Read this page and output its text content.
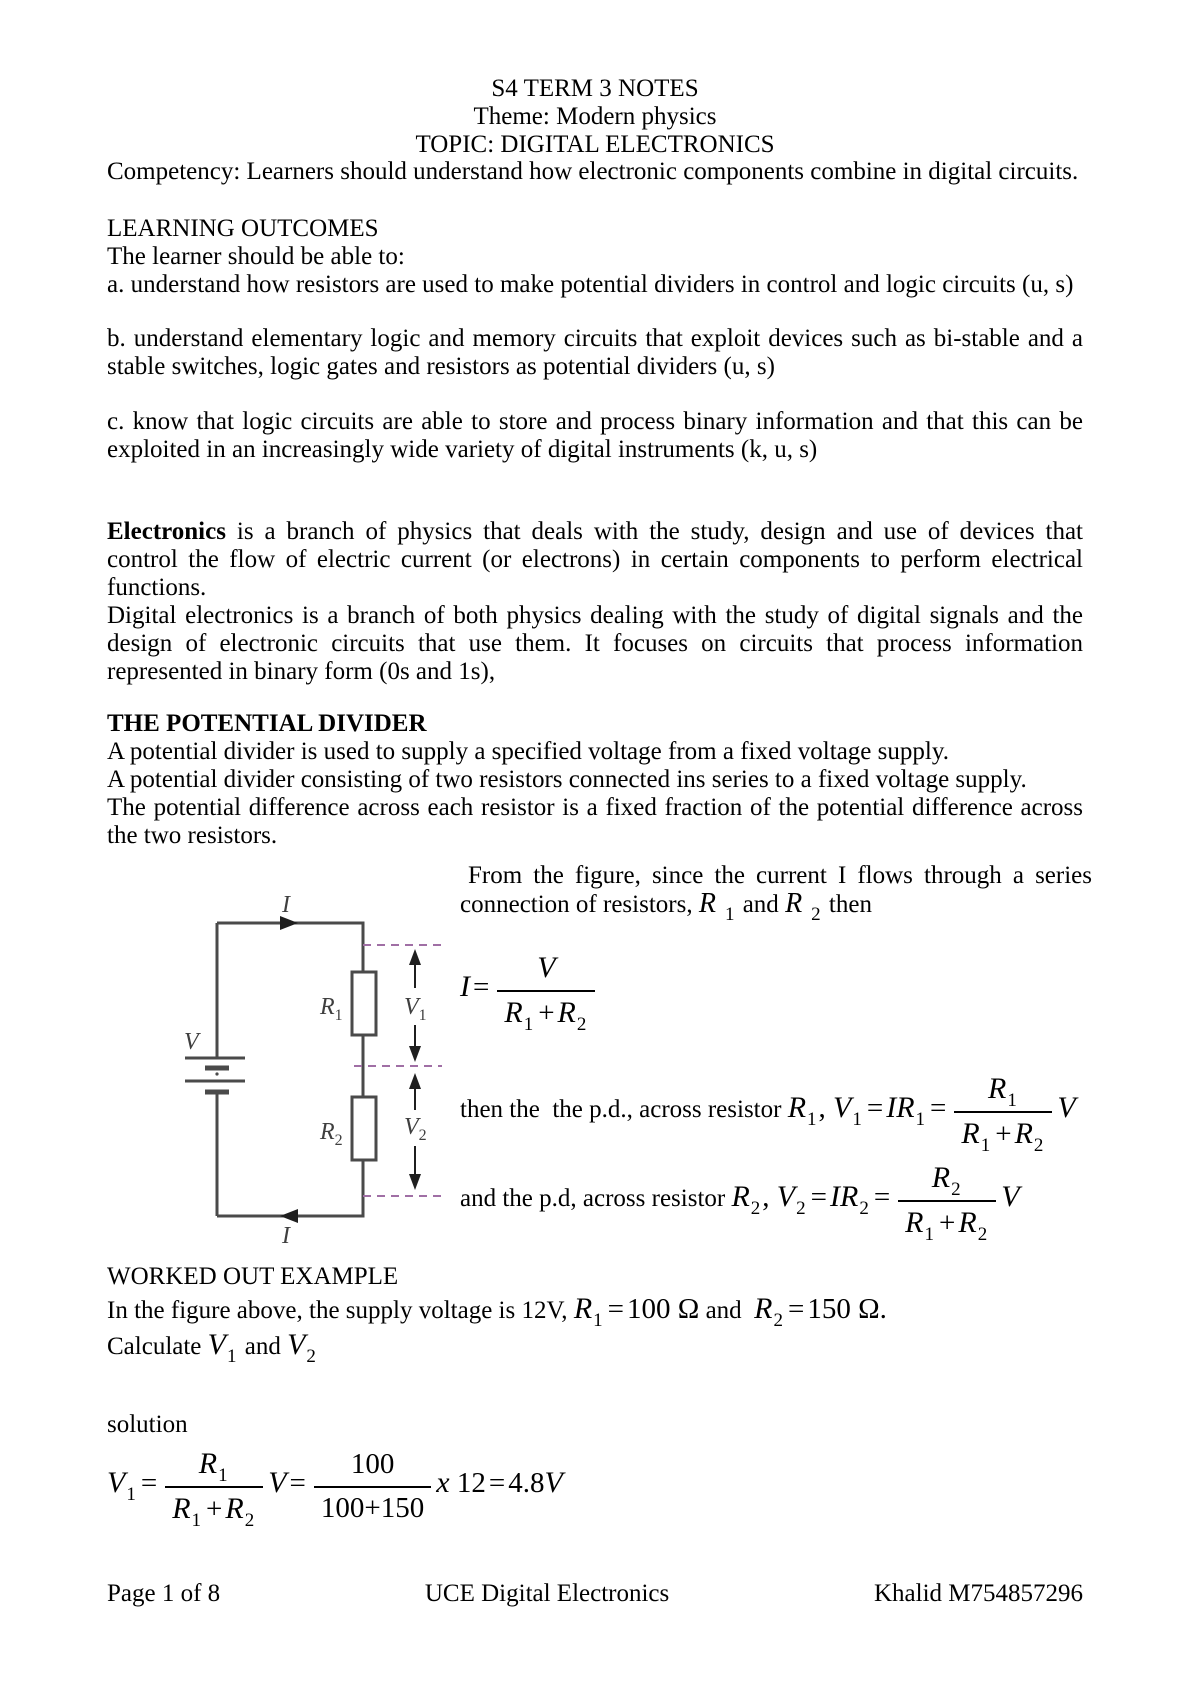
S4 TERM 3 NOTES
Theme: Modern physics
TOPIC: DIGITAL ELECTRONICS
Competency: Learners should understand how electronic components combine in digital circuits.
LEARNING OUTCOMES
The learner should be able to:
a. understand how resistors are used to make potential dividers in control and logic circuits (u, s)
b. understand elementary logic and memory circuits that exploit devices such as bi-stable and a stable switches, logic gates and resistors as potential dividers (u, s)
c. know that logic circuits are able to store and process binary information and that this can be exploited in an increasingly wide variety of digital instruments (k, u, s)
Electronics is a branch of physics that deals with the study, design and use of devices that control the flow of electric current (or electrons) in certain components to perform electrical functions.
Digital electronics is a branch of both physics dealing with the study of digital signals and the design of electronic circuits that use them. It focuses on circuits that process information represented in binary form (0s and 1s),
THE POTENTIAL DIVIDER
A potential divider is used to supply a specified voltage from a fixed voltage supply.
A potential divider consisting of two resistors connected ins series to a fixed voltage supply.
The potential difference across each resistor is a fixed fraction of the potential difference across the two resistors.
I
I
V
$R_1$
$R_2$
$V_1$
$V_2$

From the figure, since the current I flows through a series connection of resistors, R 1 and R 2 then

$I = \frac{V}{R1 + R2}$
then the  the p.d., across resistor R1, $V1 = IR1 = \frac{R1}{R1 + R2}$ V
and the p.d, across resistor R2, $V2 = IR2 = \frac{R2}{R1 + R2}$ V
WORKED OUT EXAMPLE
In the figure above, the supply voltage is 12V, R1 = 100 Ω and  R2 = 150 Ω.
Calculate V1 and V2
solution
$V1 = \frac{R1}{R1 + R2}$ $V = \frac{100}{100+150}$ x 12 = 4.8V
Page 1 of 8	UCE Digital Electronics	Khalid M754857296
